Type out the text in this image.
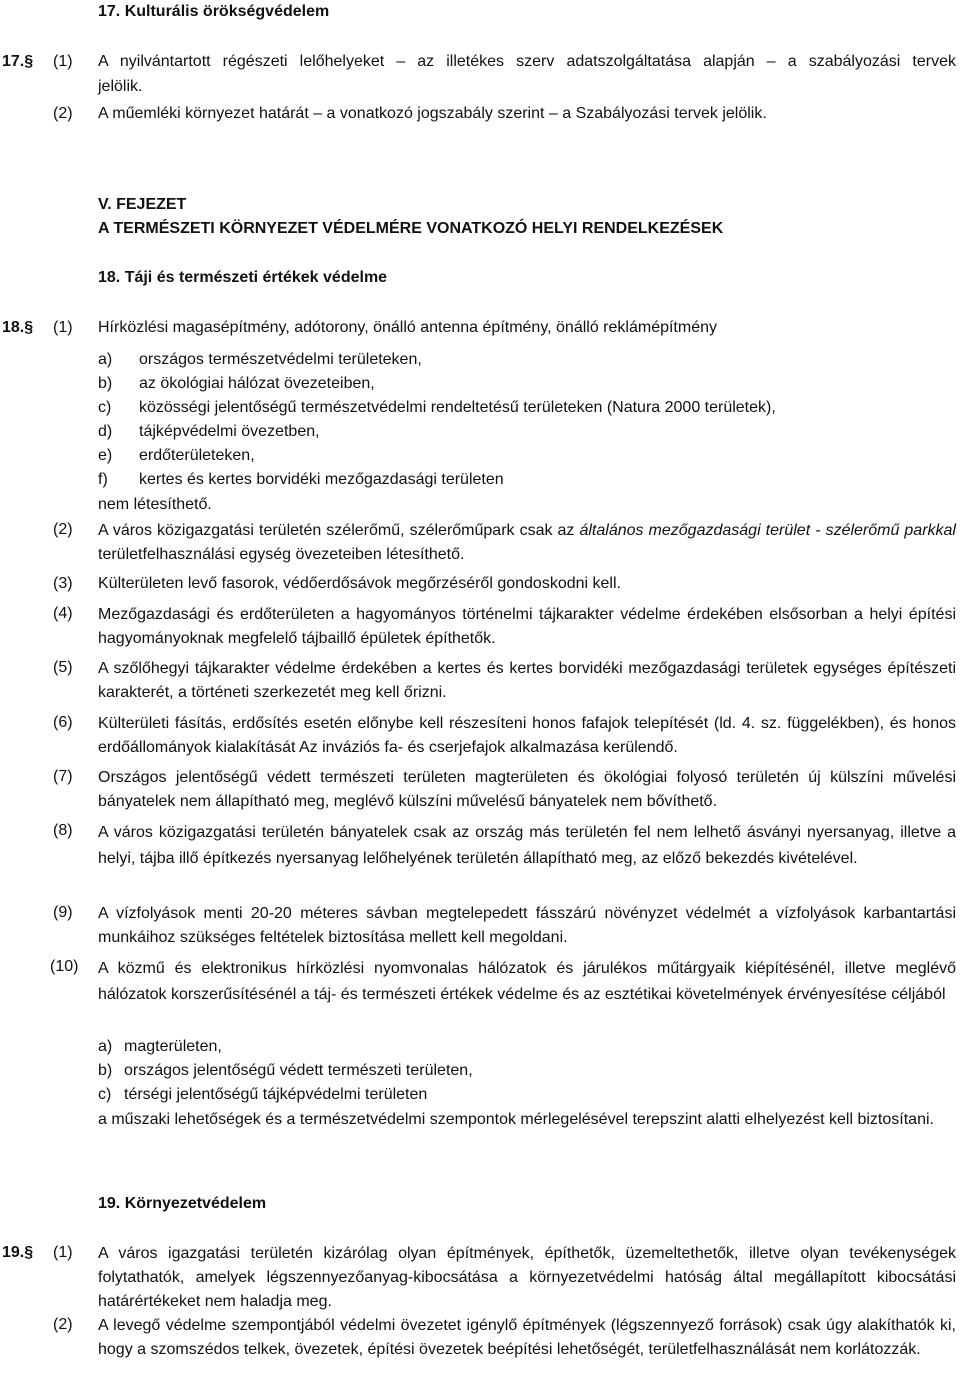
17. Kulturális örökségvédelem
17.§ (1) A nyilvántartott régészeti lelőhelyeket – az illetékes szerv adatszolgáltatása alapján – a szabályozási tervek
jelölik.
(2) A műemléki környezet határát – a vonatkozó jogszabály szerint – a Szabályozási tervek jelölik.
V. FEJEZET
A TERMÉSZETI KÖRNYEZET VÉDELMÉRE VONATKOZÓ HELYI RENDELKEZÉSEK
18. Táji és természeti értékek védelme
18.§ (1) Hírközlési magasépítmény, adótorony, önálló antenna építmény, önálló reklámépítmény
a) országos természetvédelmi területeken,
b) az ökológiai hálózat övezeteiben,
c) közösségi jelentőségű természetvédelmi rendeltetésű területeken (Natura 2000 területek),
d) tájképvédelmi övezetben,
e) erdőterületeken,
f) kertes és kertes borvidéki mezőgazdasági területen
nem létesíthető.
(2) A város közigazgatási területén szélerőmű, szélerőműpark csak az általános mezőgazdasági terület - szélerőmű parkkal területfelhasználási egység övezeteiben létesíthető.
(3) Külterületen levő fasorok, védőerdősávok megőrzéséről gondoskodni kell.
(4) Mezőgazdasági és erdőterületen a hagyományos történelmi tájkarakter védelme érdekében elsősorban a helyi építési hagyományoknak megfelelő tájbaillő épületek építhetők.
(5) A szőlőhegyi tájkarakter védelme érdekében a kertes és kertes borvidéki mezőgazdasági területek egységes építészeti karakterét, a történeti szerkezetét meg kell őrizni.
(6) Külterületi fásítás, erdősítés esetén előnybe kell részesíteni honos fafajok telepítését (ld. 4. sz. függelékben), és honos erdőállományok kialakítását Az inváziós fa- és cserjefajok alkalmazása kerülendő.
(7) Országos jelentőségű védett természeti területen magterületen és ökológiai folyosó területén új külszíni művelési bányatelek nem állapítható meg, meglévő külszíni művelésű bányatelek nem bővíthető.
(8) A város közigazgatási területén bányatelek csak az ország más területén fel nem lelhető ásványi nyersanyag, illetve a helyi, tájba illő építkezés nyersanyag lelőhelyének területén állapítható meg, az előző bekezdés kivételével.
(9) A vízfolyások menti 20-20 méteres sávban megtelepedett fásszárú növényzet védelmét a vízfolyások karbantartási munkáihoz szükséges feltételek biztosítása mellett kell megoldani.
(10) A közmű és elektronikus hírközlési nyomvonalas hálózatok és járulékos műtárgyaik kiépítésénél, illetve meglévő hálózatok korszerűsítésénél a táj- és természeti értékek védelme és az esztétikai követelmények érvényesítése céljából
a) magterületen,
b) országos jelentőségű védett természeti területen,
c) térségi jelentőségű tájképvédelmi területen
a műszaki lehetőségek és a természetvédelmi szempontok mérlegelésével terepszint alatti elhelyezést kell biztosítani.
19. Környezetvédelem
19.§ (1) A város igazgatási területén kizárólag olyan építmények, építhetők, üzemeltethetők, illetve olyan tevékenységek folytathatók, amelyek légszennyezőanyag-kibocsátása a környezetvédelmi hatóság által megállapított kibocsátási határértékeket nem haladja meg.
(2) A levegő védelme szempontjából védelmi övezetet igénylő építmények (légszennyező források) csak úgy alakíthatók ki, hogy a szomszédos telkek, övezetek, építési övezetek beépítési lehetőségét, területfelhasználását nem korlátozzák.
